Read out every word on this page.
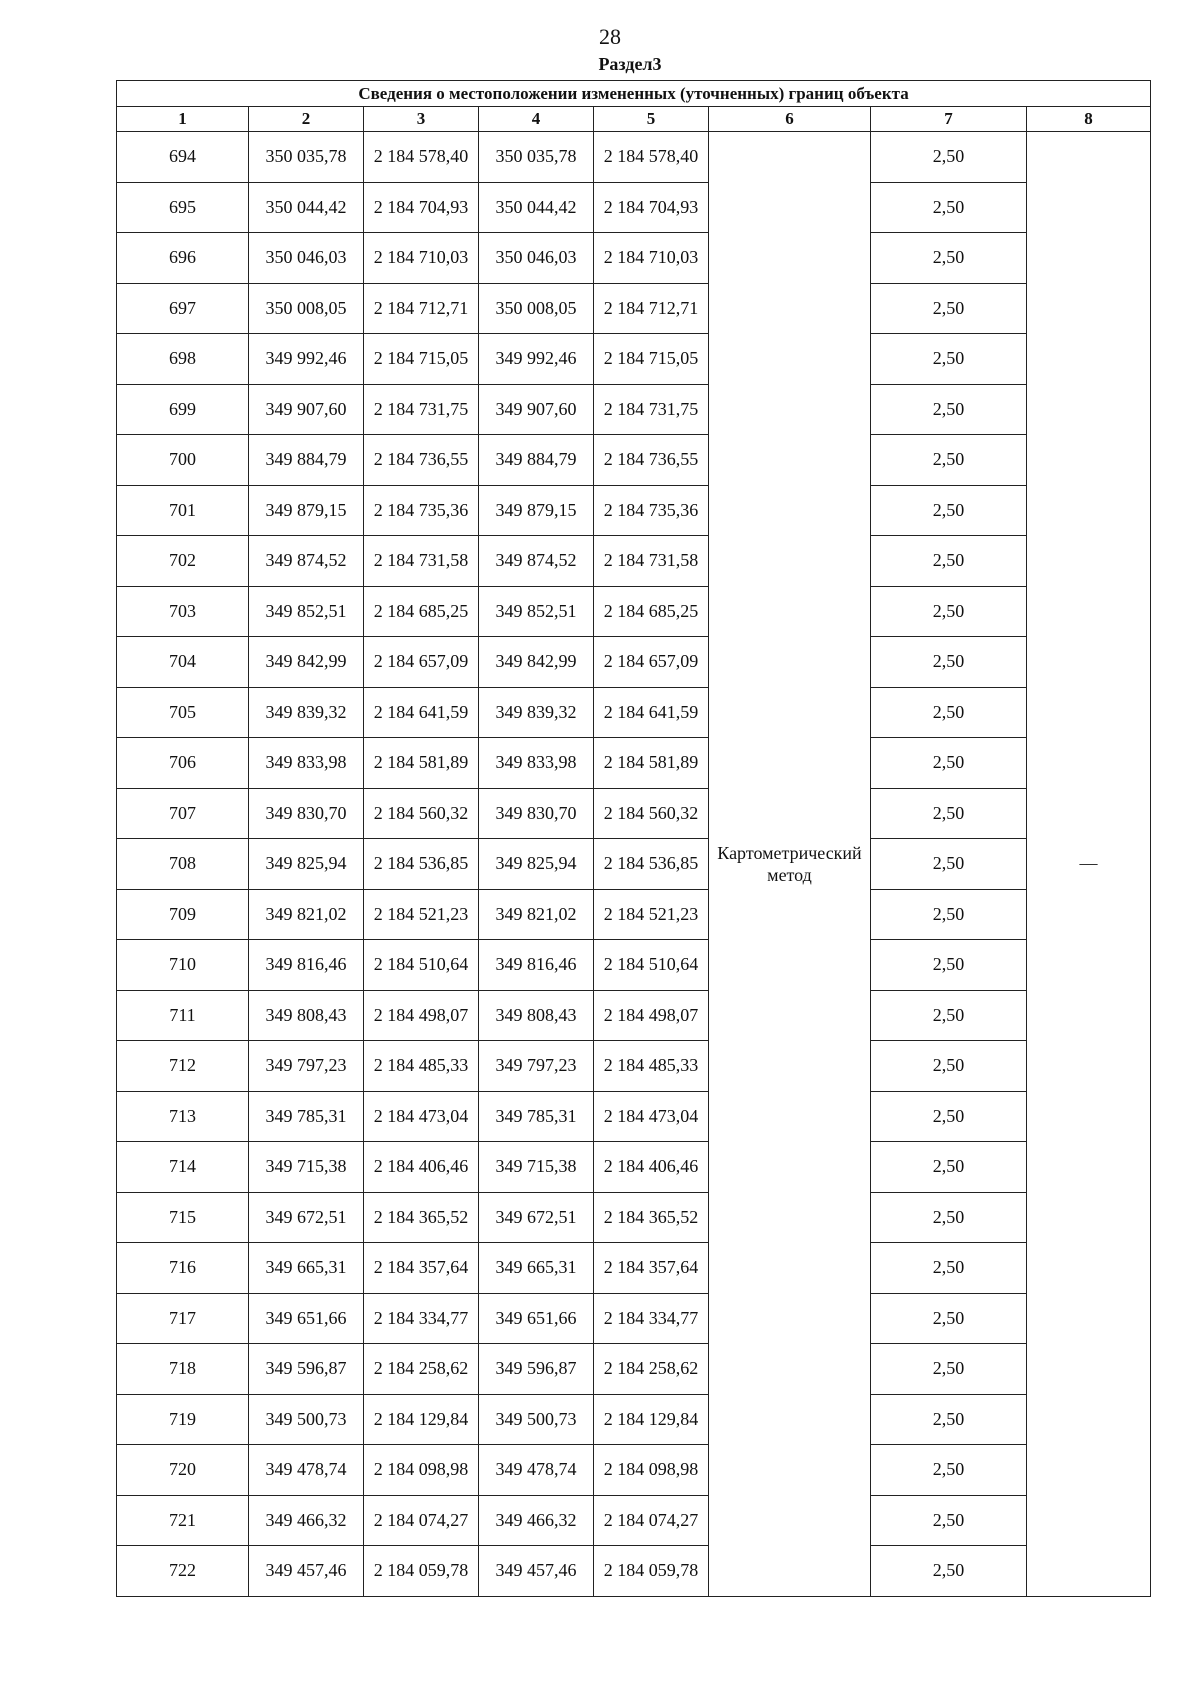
28
Раздел3
Сведения о местоположении измененных (уточненных) границ объекта							
1	2	3	4	5	6	7	8
694	350 035,78	2 184 578,40	350 035,78	2 184 578,40	Картометрический метод	2,50	—
695	350 044,42	2 184 704,93	350 044,42	2 184 704,93		2,50	
696	350 046,03	2 184 710,03	350 046,03	2 184 710,03		2,50	
697	350 008,05	2 184 712,71	350 008,05	2 184 712,71		2,50	
698	349 992,46	2 184 715,05	349 992,46	2 184 715,05		2,50	
699	349 907,60	2 184 731,75	349 907,60	2 184 731,75		2,50	
700	349 884,79	2 184 736,55	349 884,79	2 184 736,55		2,50	
701	349 879,15	2 184 735,36	349 879,15	2 184 735,36		2,50	
702	349 874,52	2 184 731,58	349 874,52	2 184 731,58		2,50	
703	349 852,51	2 184 685,25	349 852,51	2 184 685,25		2,50	
704	349 842,99	2 184 657,09	349 842,99	2 184 657,09		2,50	
705	349 839,32	2 184 641,59	349 839,32	2 184 641,59		2,50	
706	349 833,98	2 184 581,89	349 833,98	2 184 581,89		2,50	
707	349 830,70	2 184 560,32	349 830,70	2 184 560,32		2,50	
708	349 825,94	2 184 536,85	349 825,94	2 184 536,85		2,50	
709	349 821,02	2 184 521,23	349 821,02	2 184 521,23		2,50	
710	349 816,46	2 184 510,64	349 816,46	2 184 510,64		2,50	
711	349 808,43	2 184 498,07	349 808,43	2 184 498,07		2,50	
712	349 797,23	2 184 485,33	349 797,23	2 184 485,33		2,50	
713	349 785,31	2 184 473,04	349 785,31	2 184 473,04		2,50	
714	349 715,38	2 184 406,46	349 715,38	2 184 406,46		2,50	
715	349 672,51	2 184 365,52	349 672,51	2 184 365,52		2,50	
716	349 665,31	2 184 357,64	349 665,31	2 184 357,64		2,50	
717	349 651,66	2 184 334,77	349 651,66	2 184 334,77		2,50	
718	349 596,87	2 184 258,62	349 596,87	2 184 258,62		2,50	
719	349 500,73	2 184 129,84	349 500,73	2 184 129,84		2,50	
720	349 478,74	2 184 098,98	349 478,74	2 184 098,98		2,50	
721	349 466,32	2 184 074,27	349 466,32	2 184 074,27		2,50	
722	349 457,46	2 184 059,78	349 457,46	2 184 059,78		2,50	
